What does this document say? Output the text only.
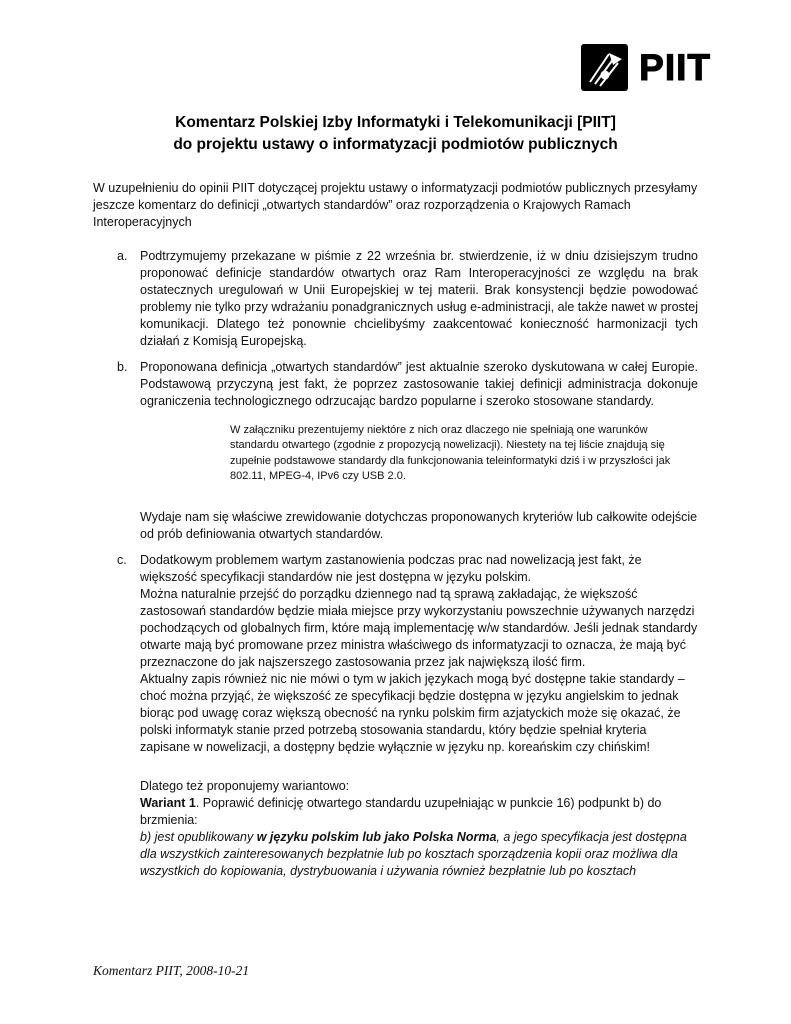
PIIT
Komentarz Polskiej Izby Informatyki i Telekomunikacji [PIIT]
do projektu ustawy o informatyzacji podmiotów publicznych

W uzupełnieniu do opinii PIIT dotyczącej projektu ustawy o informatyzacji podmiotów publicznych przesyłamy jeszcze komentarz do definicji „otwartych standardów” oraz rozporządzenia o Krajowych Ramach Interoperacyjnych

a.	Podtrzymujemy przekazane w piśmie z 22 września br. stwierdzenie, iż w dniu dzisiejszym trudno proponować definicje standardów otwartych oraz Ram Interoperacyjności ze względu na brak ostatecznych uregulowań w Unii Europejskiej w tej materii. Brak konsystencji będzie powodować problemy nie tylko przy wdrażaniu ponadgranicznych usług e-administracji, ale także nawet w prostej komunikacji. Dlatego też ponownie chcielibyśmy zaakcentować konieczność harmonizacji tych działań z Komisją Europejską.

b.	Proponowana definicja „otwartych standardów” jest aktualnie szeroko dyskutowana w całej Europie. Podstawową przyczyną jest fakt, że poprzez zastosowanie takiej definicji administracja dokonuje ograniczenia technologicznego odrzucając bardzo popularne i szeroko stosowane standardy.

W załączniku prezentujemy niektóre z nich oraz dlaczego nie spełniają one warunków standardu otwartego (zgodnie z propozycją nowelizacji). Niestety na tej liście znajdują się zupełnie podstawowe standardy dla funkcjonowania teleinformatyki dziś i w przyszłości jak 802.11, MPEG-4, IPv6 czy USB 2.0.

Wydaje nam się właściwe zrewidowanie dotychczas proponowanych kryteriów lub całkowite odejście od prób definiowania otwartych standardów.

c.	Dodatkowym problemem wartym zastanowienia podczas prac nad nowelizacją jest fakt, że większość specyfikacji standardów nie jest dostępna w języku polskim.

Można naturalnie przejść do porządku dziennego nad tą sprawą zakładając, że większość zastosowań standardów będzie miała miejsce przy wykorzystaniu powszechnie używanych narzędzi pochodzących od globalnych firm, które mają implementację w/w standardów. Jeśli jednak standardy otwarte mają być promowane przez ministra właściwego ds informatyzacji to oznacza, że mają być przeznaczone do jak najszerszego zastosowania przez jak największą ilość firm.

Aktualny zapis również nic nie mówi o tym w jakich językach mogą być dostępne takie standardy – choć można przyjąć, że większość ze specyfikacji będzie dostępna w języku angielskim to jednak biorąc pod uwagę coraz większą obecność na rynku polskim firm azjatyckich może się okazać, że polski informatyk stanie przed potrzebą stosowania standardu, który będzie spełniał kryteria zapisane w nowelizacji, a dostępny będzie wyłącznie w języku np. koreańskim czy chińskim!

Dlatego też proponujemy wariantowo:

Wariant 1. Poprawić definicję otwartego standardu uzupełniając w punkcie 16) podpunkt b) do brzmienia:

b) jest opublikowany w języku polskim lub jako Polska Norma, a jego specyfikacja jest dostępna dla wszystkich zainteresowanych bezpłatnie lub po kosztach sporządzenia kopii oraz możliwa dla wszystkich do kopiowania, dystrybuowania i używania również bezpłatnie lub po kosztach

Komentarz PIIT, 2008-10-21
